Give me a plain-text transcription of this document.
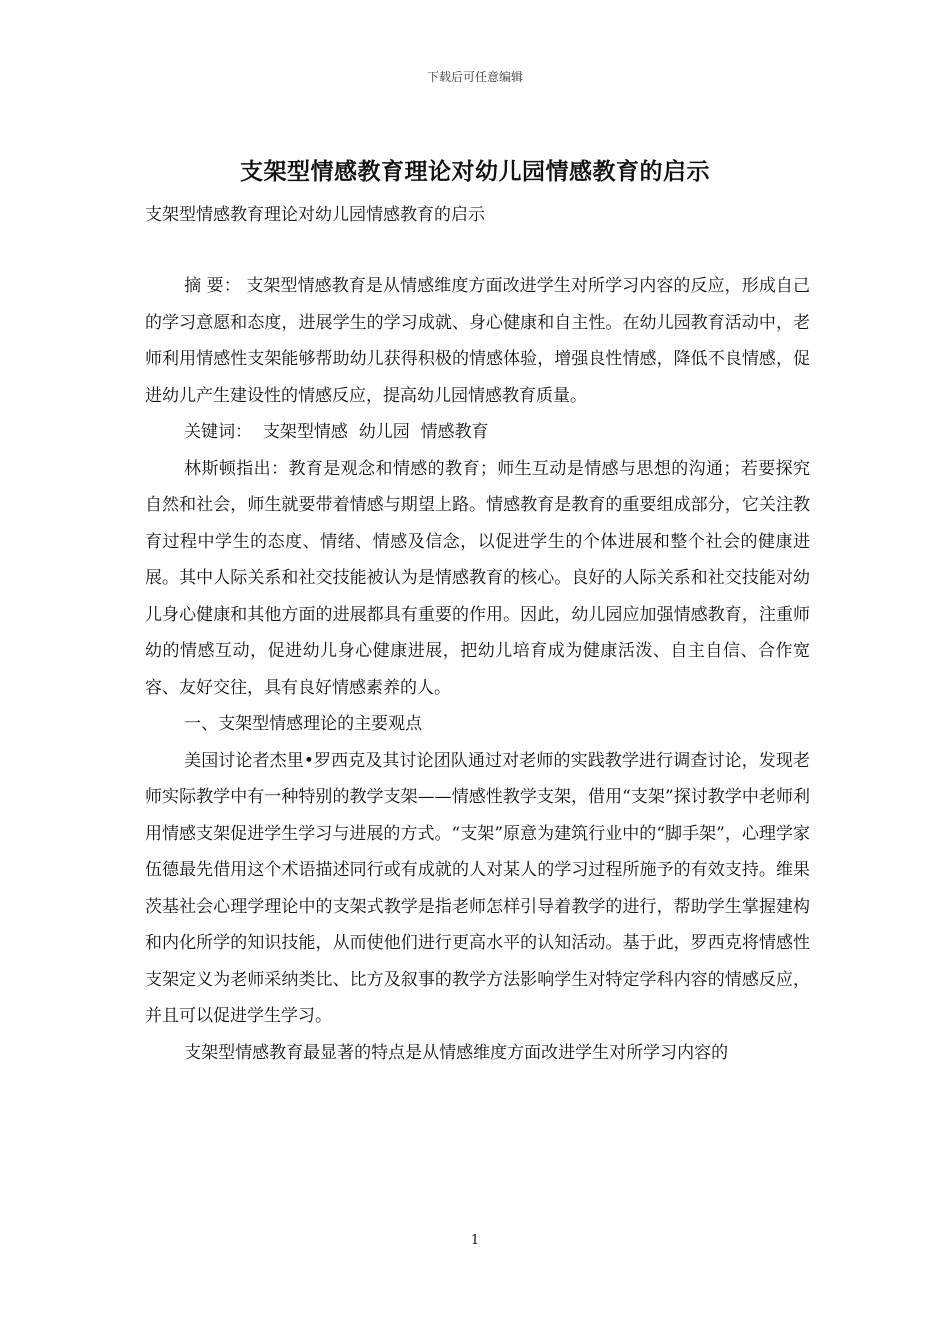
下载后可任意编辑
支架型情感教育理论对幼儿园情感教育的启示
支架型情感教育理论对幼儿园情感教育的启示

摘 要： 支架型情感教育是从情感维度方面改进学生对所学习内容的反应，形成自己的学习意愿和态度，进展学生的学习成就、身心健康和自主性。在幼儿园教育活动中，老师利用情感性支架能够帮助幼儿获得积极的情感体验，增强良性情感，降低不良情感，促进幼儿产生建设性的情感反应，提高幼儿园情感教育质量。

关键词：  支架型情感  幼儿园  情感教育

林斯顿指出：教育是观念和情感的教育；师生互动是情感与思想的沟通；若要探究自然和社会，师生就要带着情感与期望上路。情感教育是教育的重要组成部分，它关注教育过程中学生的态度、情绪、情感及信念，以促进学生的个体进展和整个社会的健康进展。其中人际关系和社交技能被认为是情感教育的核心。良好的人际关系和社交技能对幼儿身心健康和其他方面的进展都具有重要的作用。因此，幼儿园应加强情感教育，注重师幼的情感互动，促进幼儿身心健康进展，把幼儿培育成为健康活泼、自主自信、合作宽容、友好交往，具有良好情感素养的人。

一、支架型情感理论的主要观点

美国讨论者杰里•罗西克及其讨论团队通过对老师的实践教学进行调查讨论，发现老师实际教学中有一种特别的教学支架——情感性教学支架，借用“支架”探讨教学中老师利用情感支架促进学生学习与进展的方式。“支架”原意为建筑行业中的“脚手架”，心理学家伍德最先借用这个术语描述同行或有成就的人对某人的学习过程所施予的有效支持。维果茨基社会心理学理论中的支架式教学是指老师怎样引导着教学的进行，帮助学生掌握建构和内化所学的知识技能，从而使他们进行更高水平的认知活动。基于此，罗西克将情感性支架定义为老师采纳类比、比方及叙事的教学方法影响学生对特定学科内容的情感反应，并且可以促进学生学习。

支架型情感教育最显著的特点是从情感维度方面改进学生对所学习内容的

1
